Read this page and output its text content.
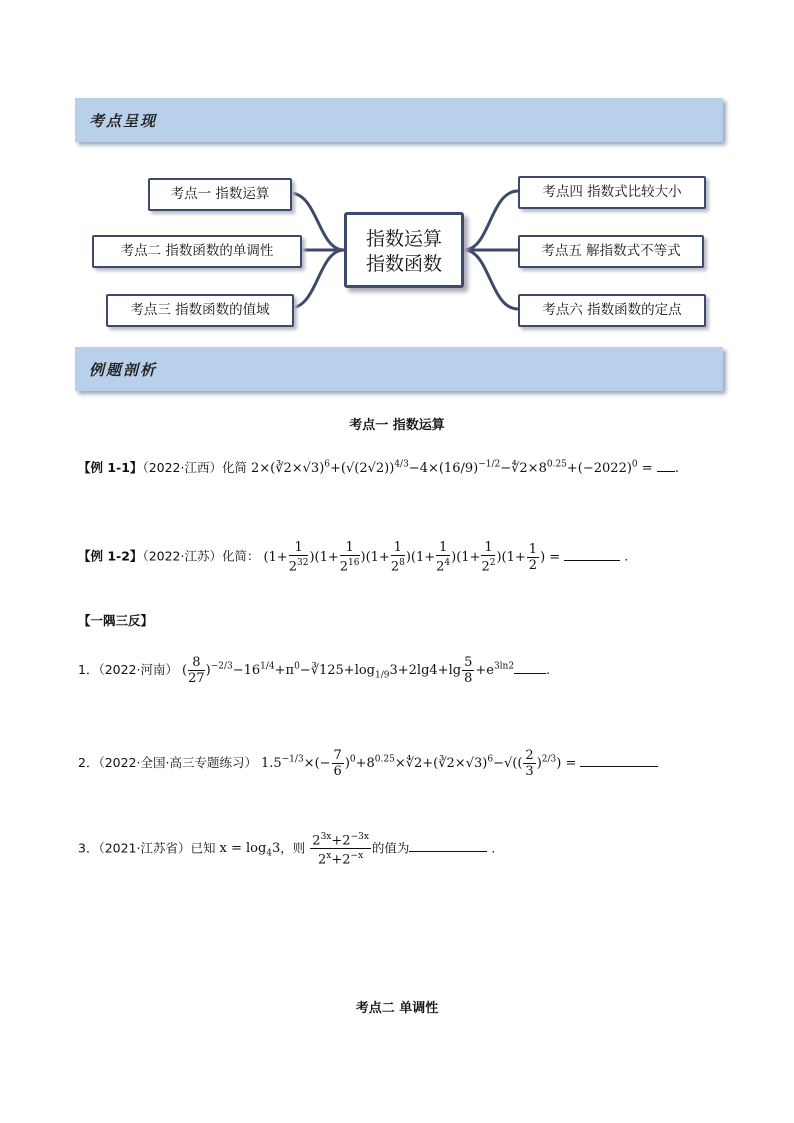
考点呈现
考点一 指数运算
考点二 指数函数的单调性
考点三 指数函数的值域
指数运算
指数函数
考点四 指数式比较大小
考点五 解指数式不等式
考点六 指数函数的定点
例题剖析
考点一 指数运算
【例 1-1】（2022·江西）化简 $2\times(∛2\times√3)^6+(√(2√2))^{4/3}-4\times(16/9)^{-1/2}-∜2\times 8^{0.25}+(-2022)^0$ = .
【例 1-2】（2022·江苏）化简： $(1+ \frac{1}{2^{32}} )(1+ \frac{1}{2^{16}} )(1+ \frac{1}{2^8} )(1+ \frac{1}{2^4} )(1+ \frac{1}{2^2} )(1+ \frac{1}{2}$ ) =	.
【一隅三反】
1．（2022·河南） ( $\frac{8}{27}$ )$^{-2/3}-16^{1/4}+\pi^0-∛125+\log_{1/9}3+2\lg 4+\lg \frac{5}{8} +e^{3ln2}$	.
2．（2022·全国·高三专题练习） $1.5^{-1/3}\times(- \frac{7}{6}$ )$^0+8^{0.25}\times∜2+(∛2\times√3)^6-√(( \frac{2}{3} )^{2/3})$ =
3．（2021·江苏省）已知 $x = \log_43$，则 $\frac{2^{3x}+2^{-3x}}{2^x+2^{-x}}$ 的值为	.
考点二 单调性
